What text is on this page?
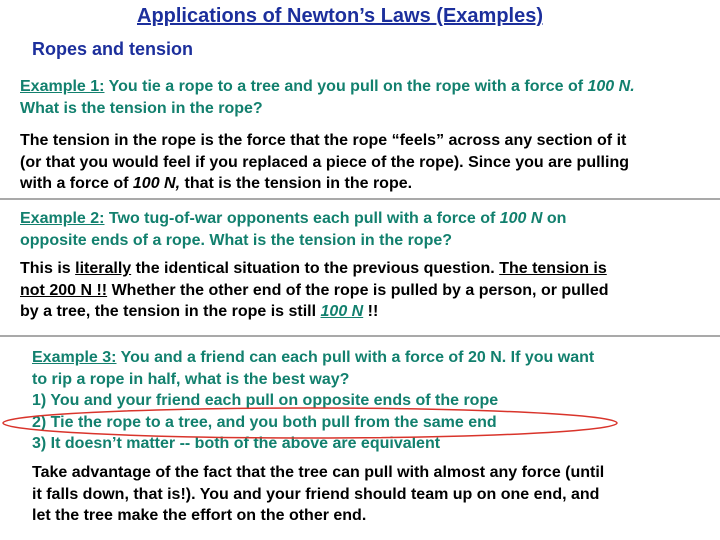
Applications of Newton’s Laws (Examples)
Ropes and tension

Example 1: You tie a rope to a tree and you pull on the rope with a force of 100 N.
What is the tension in the rope?

The tension in the rope is the force that the rope “feels” across any section of it
(or that you would feel if you replaced a piece of the rope). Since you are pulling
with a force of 100 N, that is the tension in the rope.

Example 2: Two tug-of-war opponents each pull with a force of 100 N on
opposite ends of a rope. What is the tension in the rope?

This is literally the identical situation to the previous question. The tension is
not 200 N !! Whether the other end of the rope is pulled by a person, or pulled
by a tree, the tension in the rope is still 100 N !!

Example 3: You and a friend can each pull with a force of 20 N. If you want
to rip a rope in half, what is the best way?
1) You and your friend each pull on opposite ends of the rope
2) Tie the rope to a tree, and you both pull from the same end
3) It doesn’t matter -- both of the above are equivalent

Take advantage of the fact that the tree can pull with almost any force (until
it falls down, that is!). You and your friend should team up on one end, and
let the tree make the effort on the other end.
